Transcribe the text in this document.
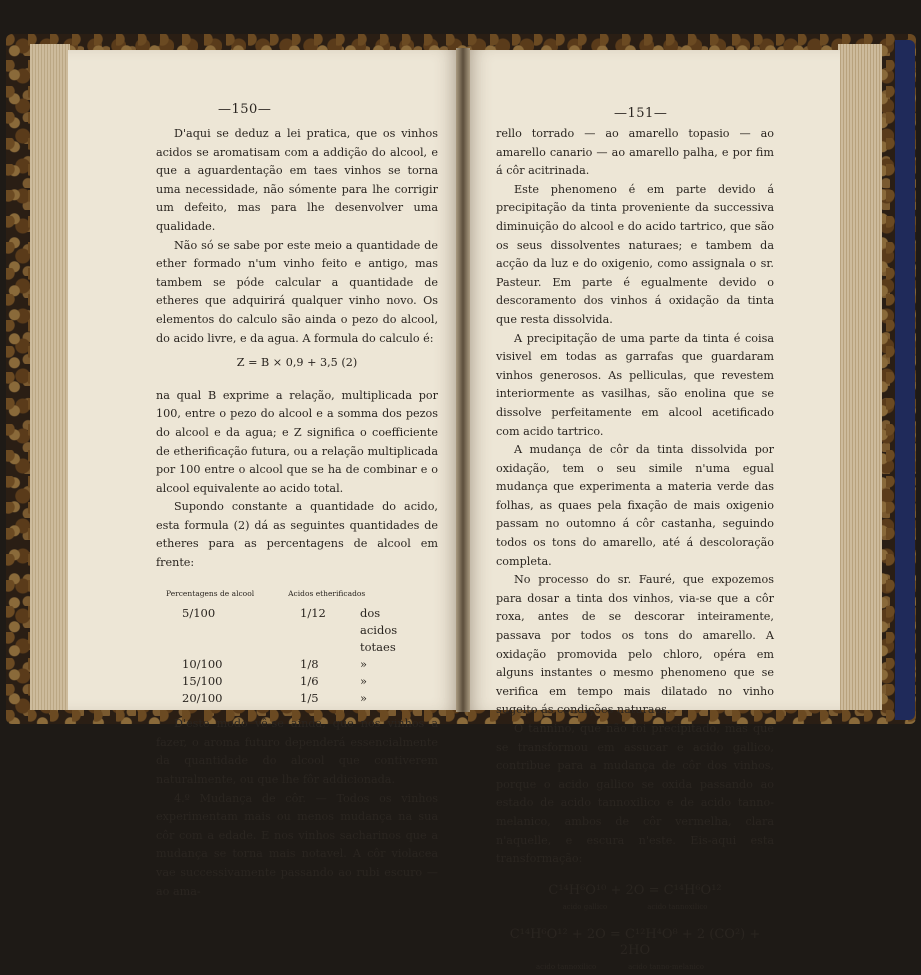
—150—	—151—

D'aqui se deduz a lei pratica, que os vinhos acidos se aromatisam com a addição do alcool, e que a aguardentação em taes vinhos se torna uma necessidade, não sómente para lhe corrigir um defeito, mas para lhe desenvolver uma qualidade.

Não só se sabe por este meio a quantidade de ether formado n'um vinho feito e antigo, mas tambem se póde calcular a quantidade de etheres que adquirirá qualquer vinho novo. Os elementos do calculo são ainda o pezo do alcool, do acido livre, e da agua. A formula do calculo é:

Z = B × 0,9 + 3,5 (2)

na qual B exprime a relação, multiplicada por 100, entre o pezo do alcool e a somma dos pezos do alcool e da agua; e Z significa o coefficiente de etherificação futura, ou a relação multiplicada por 100 entre o alcool que se ha de combinar e o alcool equivalente ao acido total.

Supondo constante a quantidade do acido, esta formula (2) dá as seguintes quantidades de etheres para as percentagens de alcool em frente:

Percentagens de alcool	Acidos etherificados
5/100	1/12	dos acidos totaes
10/100	1/8	»
15/100	1/6	»
20/100	1/5	»

D'este modo vê-se ainda, que nos vinhos a fazer, o aroma futuro dependerá essencialmente da quantidade do alcool que contiverem naturalmente, ou que lhe fôr addicionada.

4.º Mudança de côr. — Todos os vinhos experimentam mais ou menos mudança na sua côr com a edade. E nos vinhos sacharinos que a mudança se torna mais notavel. A côr violacea vae successivamente passando ao rubi escuro — ao ama-

rello torrado — ao amarello topasio — ao amarello canario — ao amarello palha, e por fim á côr acitrinada.

Este phenomeno é em parte devido á precipitação da tinta proveniente da successiva diminuição do alcool e do acido tartrico, que são os seus dissolventes naturaes; e tambem da acção da luz e do oxigenio, como assignala o sr. Pasteur. Em parte é egualmente devido o descoramento dos vinhos á oxidação da tinta que resta dissolvida.

A precipitação de uma parte da tinta é coisa visivel em todas as garrafas que guardaram vinhos generosos. As pelliculas, que revestem interiormente as vasilhas, são enolina que se dissolve perfeitamente em alcool acetificado com acido tartrico.

A mudança de côr da tinta dissolvida por oxidação, tem o seu simile n'uma egual mudança que experimenta a materia verde das folhas, as quaes pela fixação de mais oxigenio passam no outomno á côr castanha, seguindo todos os tons do amarello, até á descoloração completa.

No processo do sr. Fauré, que expozemos para dosar a tinta dos vinhos, via-se que a côr roxa, antes de se descorar inteiramente, passava por todos os tons do amarello. A oxidação promovida pelo chloro, opéra em alguns instantes o mesmo phenomeno que se verifica em tempo mais dilatado no vinho sugeito ás condições naturaes.

O tannino, que não foi precipitado, mas que se transformou em assucar e acido gallico, contribue para a mudança de côr dos vinhos, porque o acido gallico se oxida passando ao estado de acido tannoxilico e de acido tanno-melanico, ambos de côr vermelha, clara n'aquelle, e escura n'este. Eis-aqui esta transformação:

C¹⁴H⁶O¹⁰ + 2O = C¹⁴H⁶O¹²
acido gallico	acido tannoxilico
C¹⁴H⁶O¹² + 2O = C¹²H⁴O⁸ + 2 (CO²) + 2HO
acido tannoxilico	acido tanno-melanico
